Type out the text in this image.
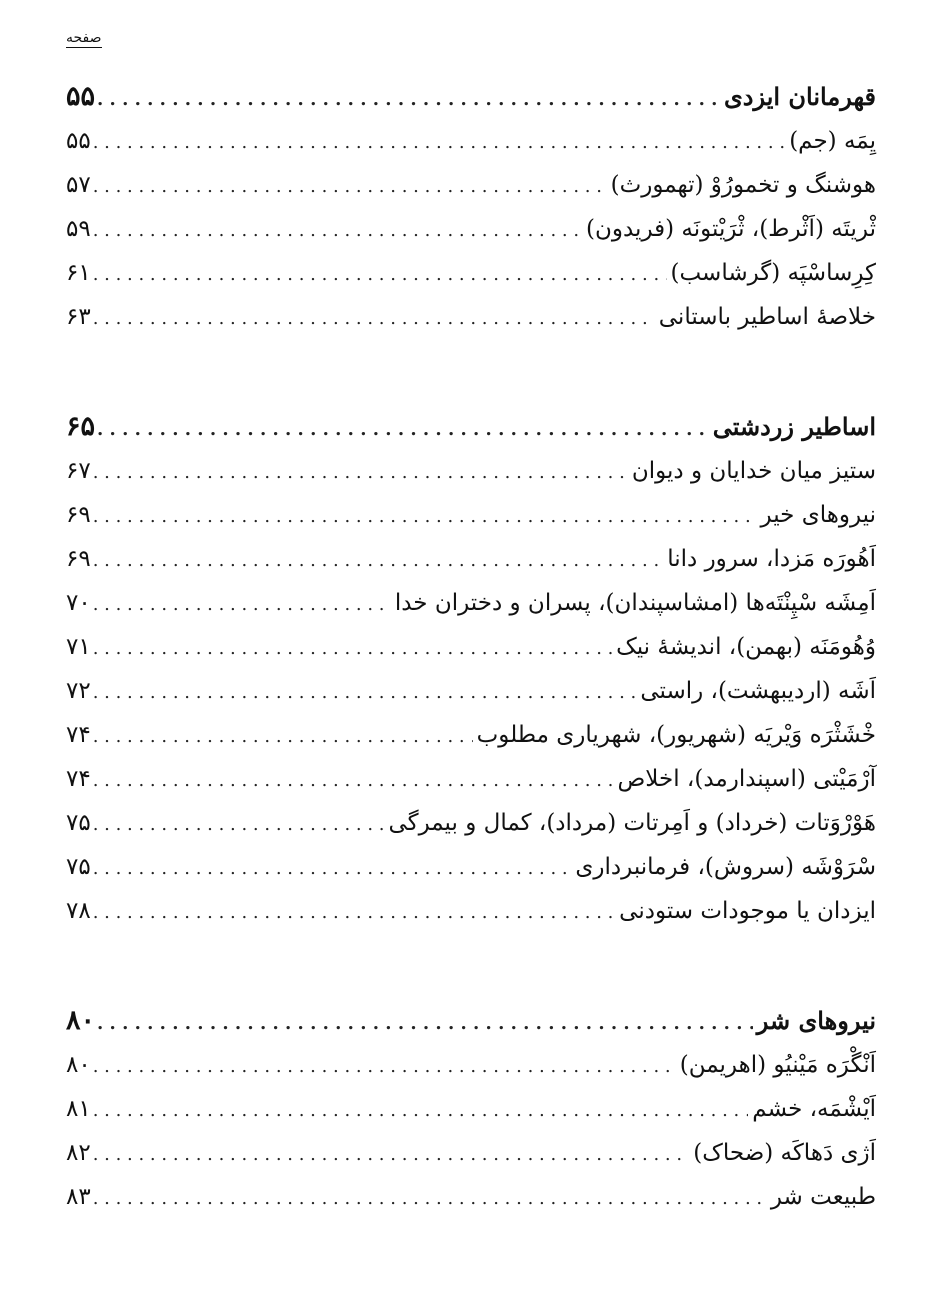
صفحه
قهرمانان ایزدی
. . .
۵۵
یِمَه (جم)
. . .
۵۵
هوشنگ و تخمورُوْ (تهمورث)
. . .
۵۷
ثْریتَه (اَثْرط)، ثْرَیْتونَه (فریدون)
. . .
۵۹
کِرِساسْپَه (گرشاسب)
. . .
۶۱
خلاصهٔ اساطیر باستانی
. . .
۶۳
اساطیر زردشتی
. . .
۶۵
ستیز میان خدایان و دیوان
. . .
۶۷
نیروهای خیر
. . .
۶۹
اَهُورَه مَزدا، سرور دانا
. . .
۶۹
اَمِشَه سْپِنْتَه‌ها (امشاسپندان)، پسران و دختران خدا
. . .
۷۰
وُهُومَنَه (بهمن)، اندیشهٔ نیک
. . .
۷۱
اَشَه (اردیبهشت)، راستی
. . .
۷۲
خْشَثْرَه وَیْریَه (شهریور)، شهریاری مطلوب
. . .
۷۴
آرْمَیْتی (اسپندارمد)، اخلاص
. . .
۷۴
هَوْرْوَتات (خرداد) و اَمِرتات (مرداد)، کمال و بیمرگی
. . .
۷۵
سْرَوْشَه (سروش)، فرمانبرداری
. . .
۷۵
ایزدان یا موجودات ستودنی
. . .
۷۸
نیروهای شر
. . .
۸۰
اَنْگْرَه مَیْنیُو (اهریمن)
. . .
۸۰
اَیْشْمَه، خشم
. . .
۸۱
اَژی دَهاکَه (ضحاک)
. . .
۸۲
طبیعت شر
. . .
۸۳
